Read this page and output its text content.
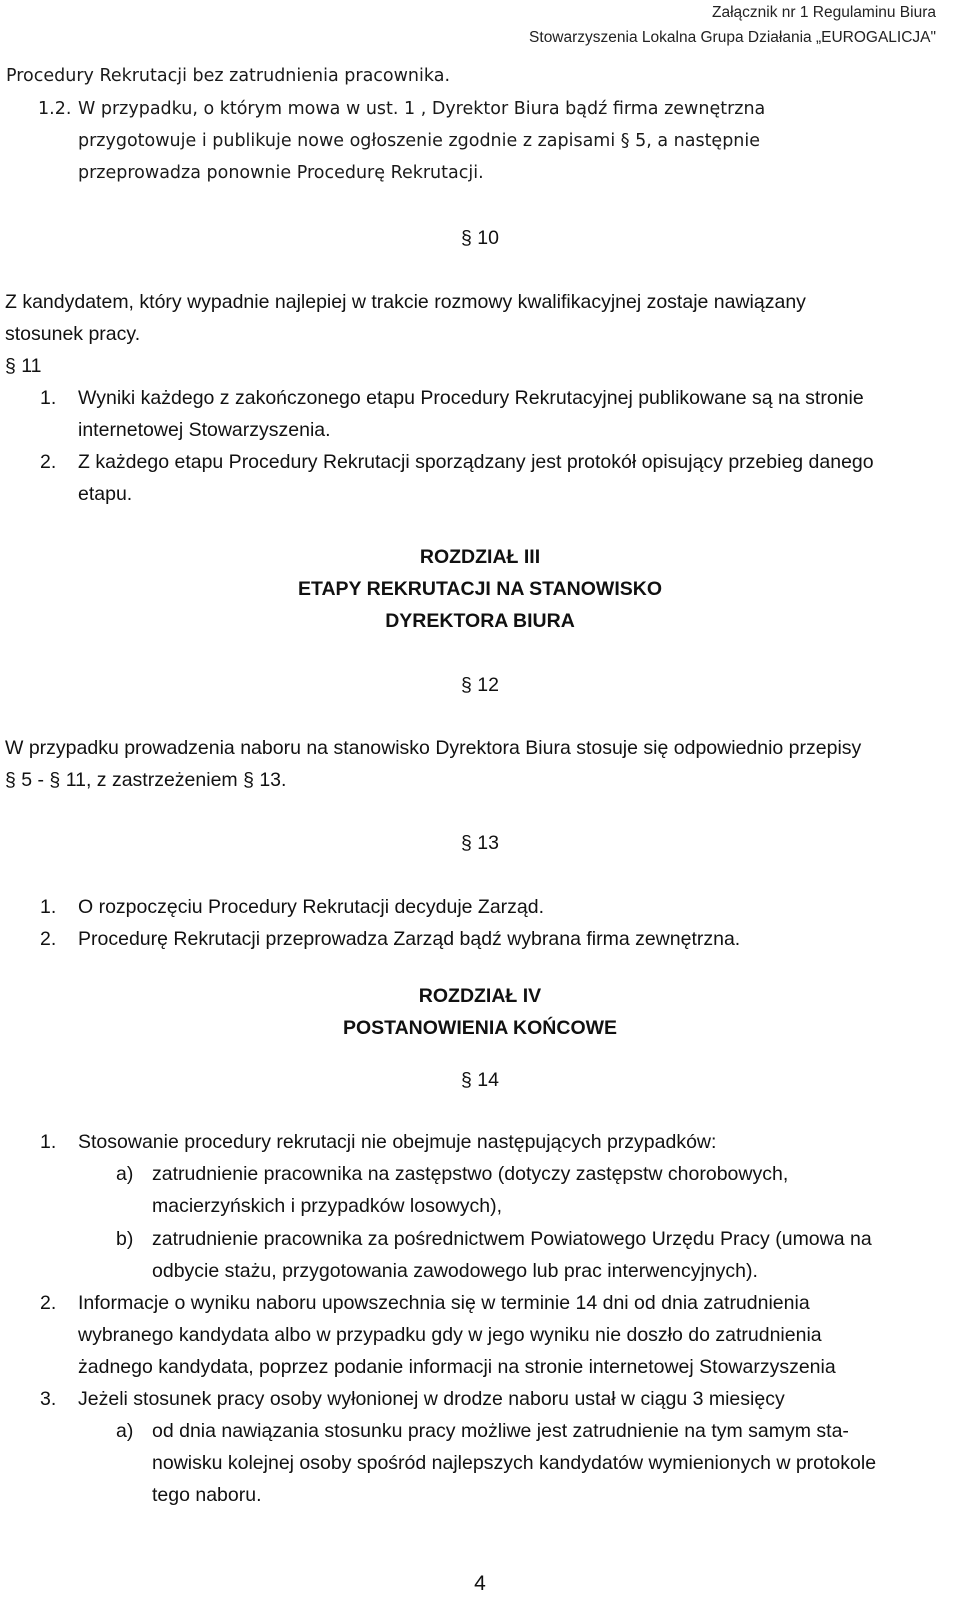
Załącznik nr 1 Regulaminu Biura
Stowarzyszenia Lokalna Grupa Działania „EUROGALICJA"
Procedury Rekrutacji bez zatrudnienia pracownika.
1.2. W przypadku, o którym mowa w ust. 1 , Dyrektor Biura bądź firma zewnętrzna
przygotowuje i publikuje nowe ogłoszenie zgodnie z zapisami § 5, a następnie
przeprowadza ponownie Procedurę Rekrutacji.
§ 10
Z kandydatem, który wypadnie najlepiej w trakcie rozmowy kwalifikacyjnej zostaje nawiązany
stosunek pracy.
§ 11
1. Wyniki każdego z zakończonego etapu Procedury Rekrutacyjnej publikowane są na stronie
internetowej Stowarzyszenia.
2. Z każdego etapu Procedury Rekrutacji sporządzany jest protokół opisujący przebieg danego
etapu.
ROZDZIAŁ III
ETAPY REKRUTACJI NA STANOWISKO
DYREKTORA BIURA
§ 12
W przypadku prowadzenia naboru na stanowisko Dyrektora Biura stosuje się odpowiednio przepisy
§ 5 - § 11, z zastrzeżeniem § 13.
§ 13
1. O rozpoczęciu Procedury Rekrutacji decyduje Zarząd.
2. Procedurę Rekrutacji przeprowadza Zarząd bądź wybrana firma zewnętrzna.
ROZDZIAŁ IV
POSTANOWIENIA KOŃCOWE
§ 14
1. Stosowanie procedury rekrutacji nie obejmuje następujących przypadków:
a) zatrudnienie pracownika na zastępstwo (dotyczy zastępstw chorobowych,
macierzyńskich i przypadków losowych),
b) zatrudnienie pracownika za pośrednictwem Powiatowego Urzędu Pracy (umowa na
odbycie stażu, przygotowania zawodowego lub prac interwencyjnych).
2. Informacje o wyniku naboru upowszechnia się w terminie 14 dni od dnia zatrudnienia
wybranego kandydata albo w przypadku gdy w jego wyniku nie doszło do zatrudnienia
żadnego kandydata, poprzez podanie informacji na stronie internetowej Stowarzyszenia
3. Jeżeli stosunek pracy osoby wyłonionej w drodze naboru ustał w ciągu 3 miesięcy
a) od dnia nawiązania stosunku pracy możliwe jest zatrudnienie na tym samym sta-
nowisku kolejnej osoby spośród najlepszych kandydatów wymienionych w protokole
tego naboru.
4
